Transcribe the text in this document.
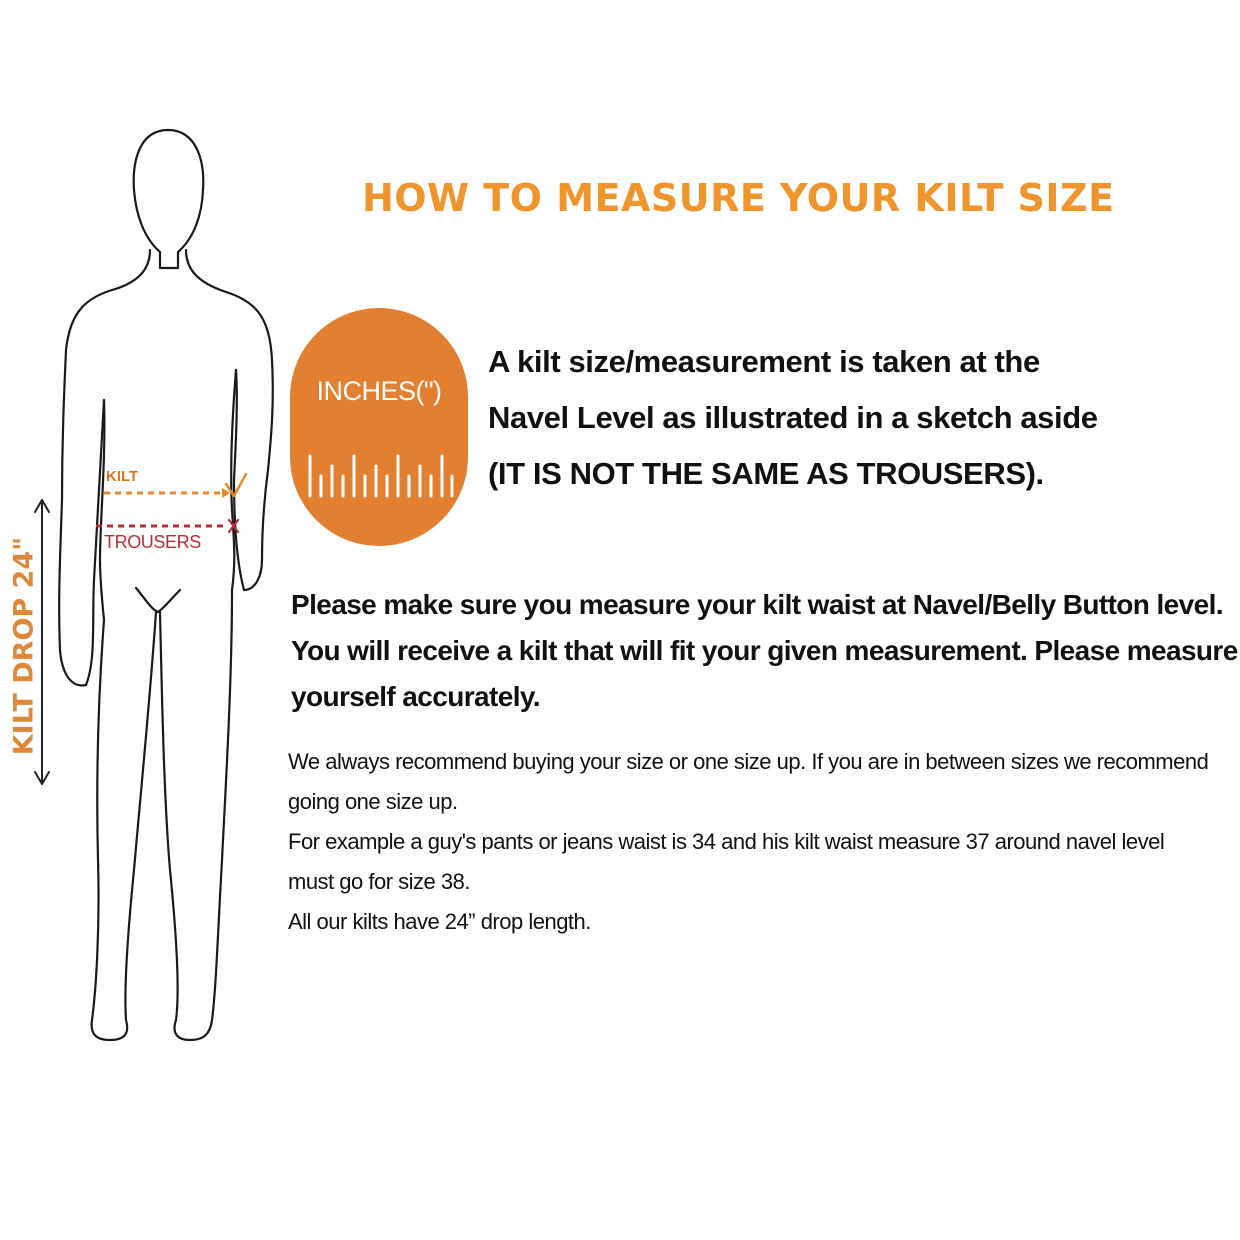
KILT
TROUSERS
KILT DROP 24"
HOW TO MEASURE YOUR KILT SIZE
INCHES(")
A kilt size/measurement is taken at the
Navel Level as illustrated in a sketch aside
(IT IS NOT THE SAME AS TROUSERS).
Please make sure you measure your kilt waist at Navel/Belly Button level.
You will receive a kilt that will fit your given measurement. Please measure
yourself accurately.
We always recommend buying your size or one size up. If you are in between sizes we recommend
going one size up.
For example a guy's pants or jeans waist is 34 and his kilt waist measure 37 around navel level
must go for size 38.
All our kilts have 24” drop length.
